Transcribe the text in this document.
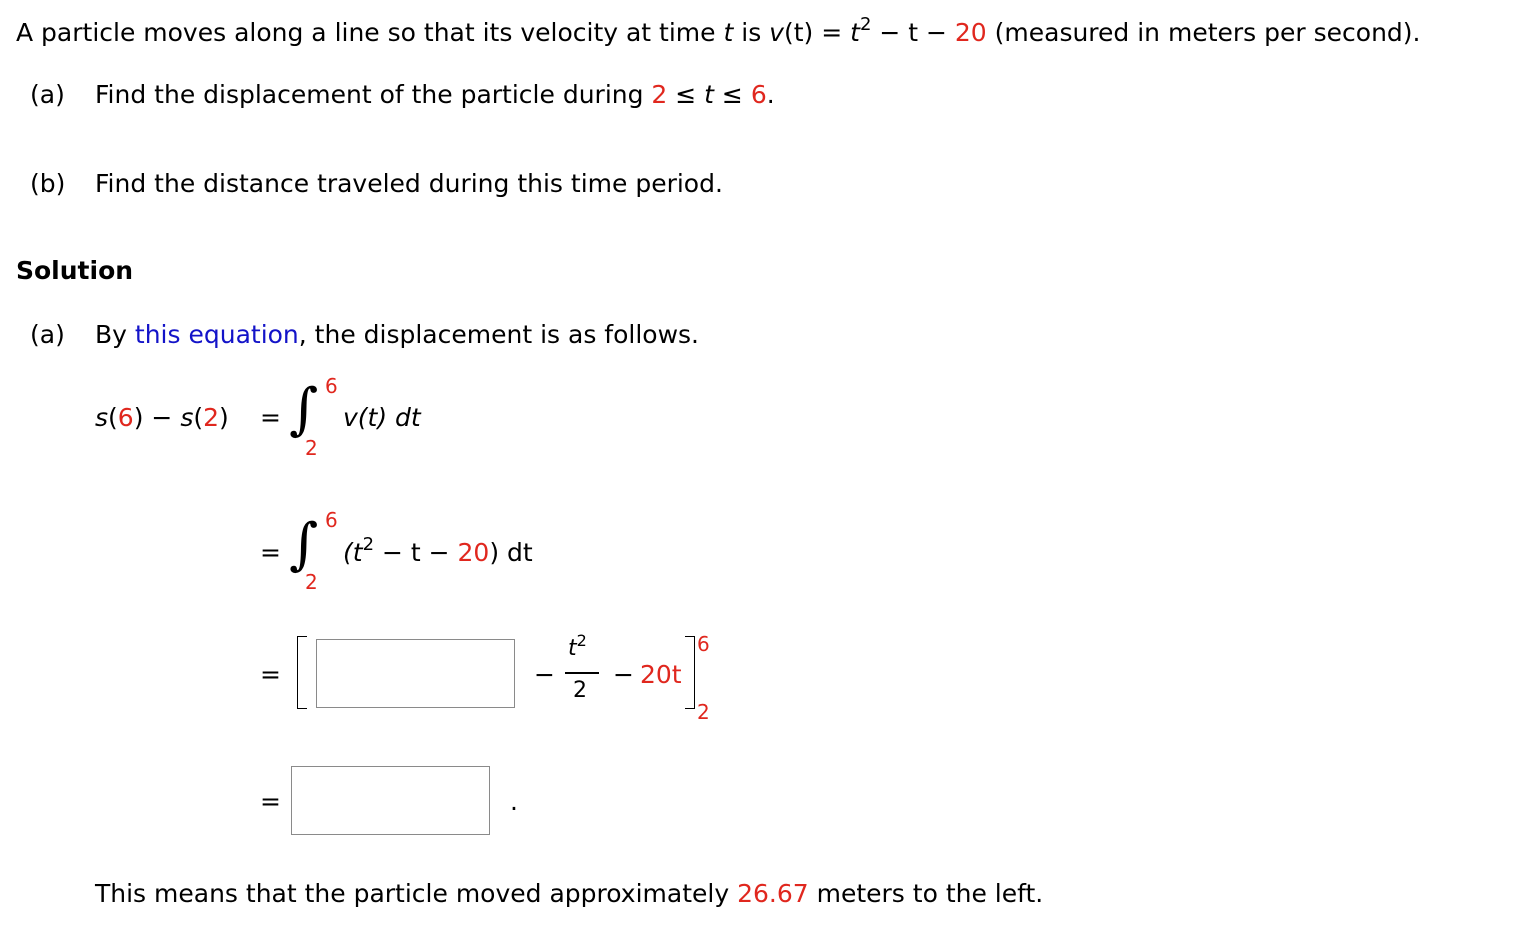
A particle moves along a line so that its velocity at time t is $v(t) = t^2 - t - 20$ (measured in meters per second).
(a) Find the displacement of the particle during 2 ≤ t ≤ 6.
(b) Find the distance traveled during this time period.
Solution
(a) By this equation, the displacement is as follows.
s(6) − s(2) = ∫ 6
2
v(t) dt
= ∫ 6
2
$(t^2 - t - 20)$ dt
=	−
$t^2$
2
− 20t
6
2
=	.
This means that the particle moved approximately 26.67 meters to the left.
